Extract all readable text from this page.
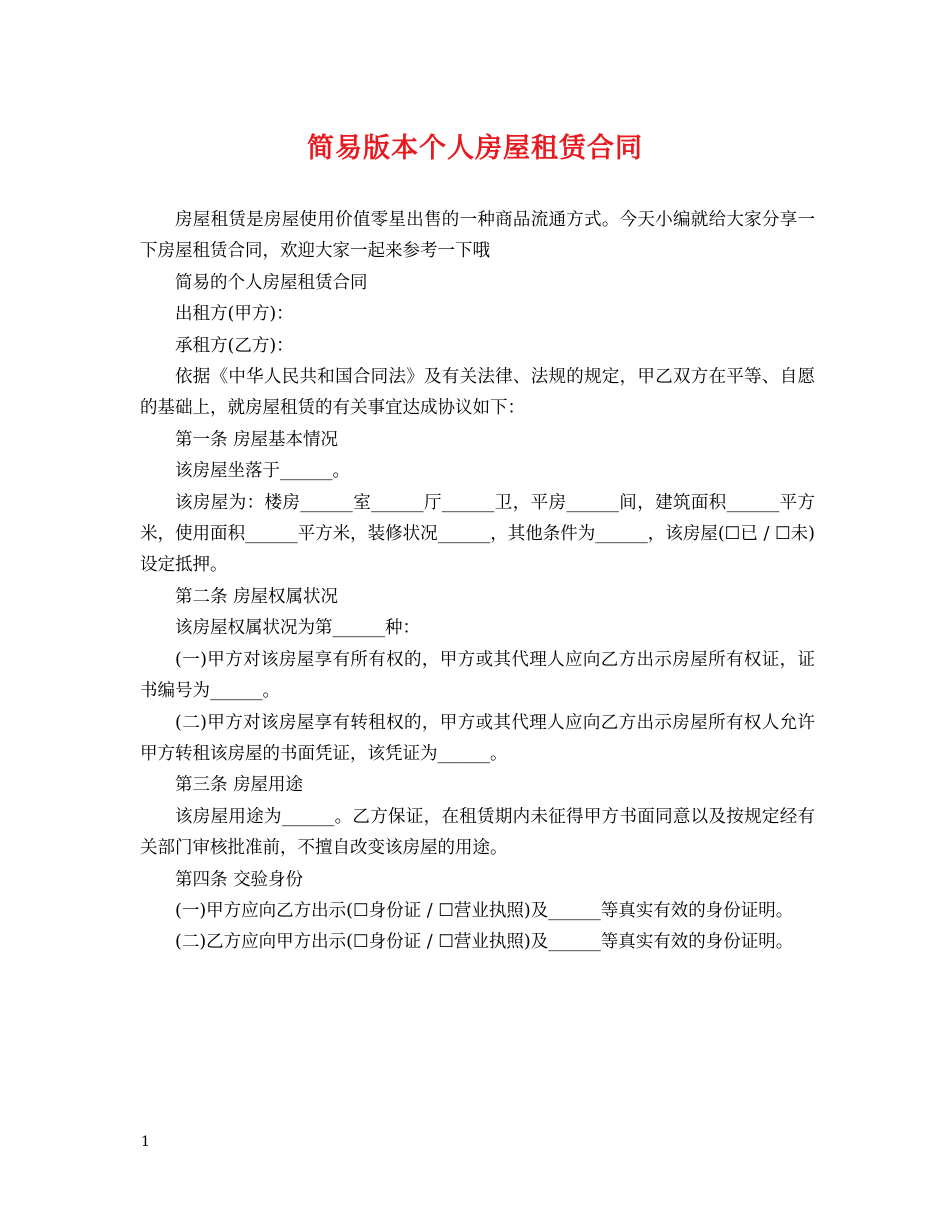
简易版本个人房屋租赁合同

房屋租赁是房屋使用价值零星出售的一种商品流通方式。今天小编就给大家分享一下房屋租赁合同，欢迎大家一起来参考一下哦

简易的个人房屋租赁合同

出租方(甲方)：

承租方(乙方)：

依据《中华人民共和国合同法》及有关法律、法规的规定，甲乙双方在平等、自愿的基础上，就房屋租赁的有关事宜达成协议如下：

第一条 房屋基本情况

该房屋坐落于______。

该房屋为：楼房______室______厅______卫，平房______间，建筑面积______平方米，使用面积______平方米，装修状况______，其他条件为______，该房屋(☐已 / ☐未)设定抵押。

第二条 房屋权属状况

该房屋权属状况为第______种：

(一)甲方对该房屋享有所有权的，甲方或其代理人应向乙方出示房屋所有权证，证书编号为______。

(二)甲方对该房屋享有转租权的，甲方或其代理人应向乙方出示房屋所有权人允许甲方转租该房屋的书面凭证，该凭证为______。

第三条 房屋用途

该房屋用途为______。乙方保证，在租赁期内未征得甲方书面同意以及按规定经有关部门审核批准前，不擅自改变该房屋的用途。

第四条 交验身份

(一)甲方应向乙方出示(☐身份证 / ☐营业执照)及______等真实有效的身份证明。

(二)乙方应向甲方出示(☐身份证 / ☐营业执照)及______等真实有效的身份证明。

1
